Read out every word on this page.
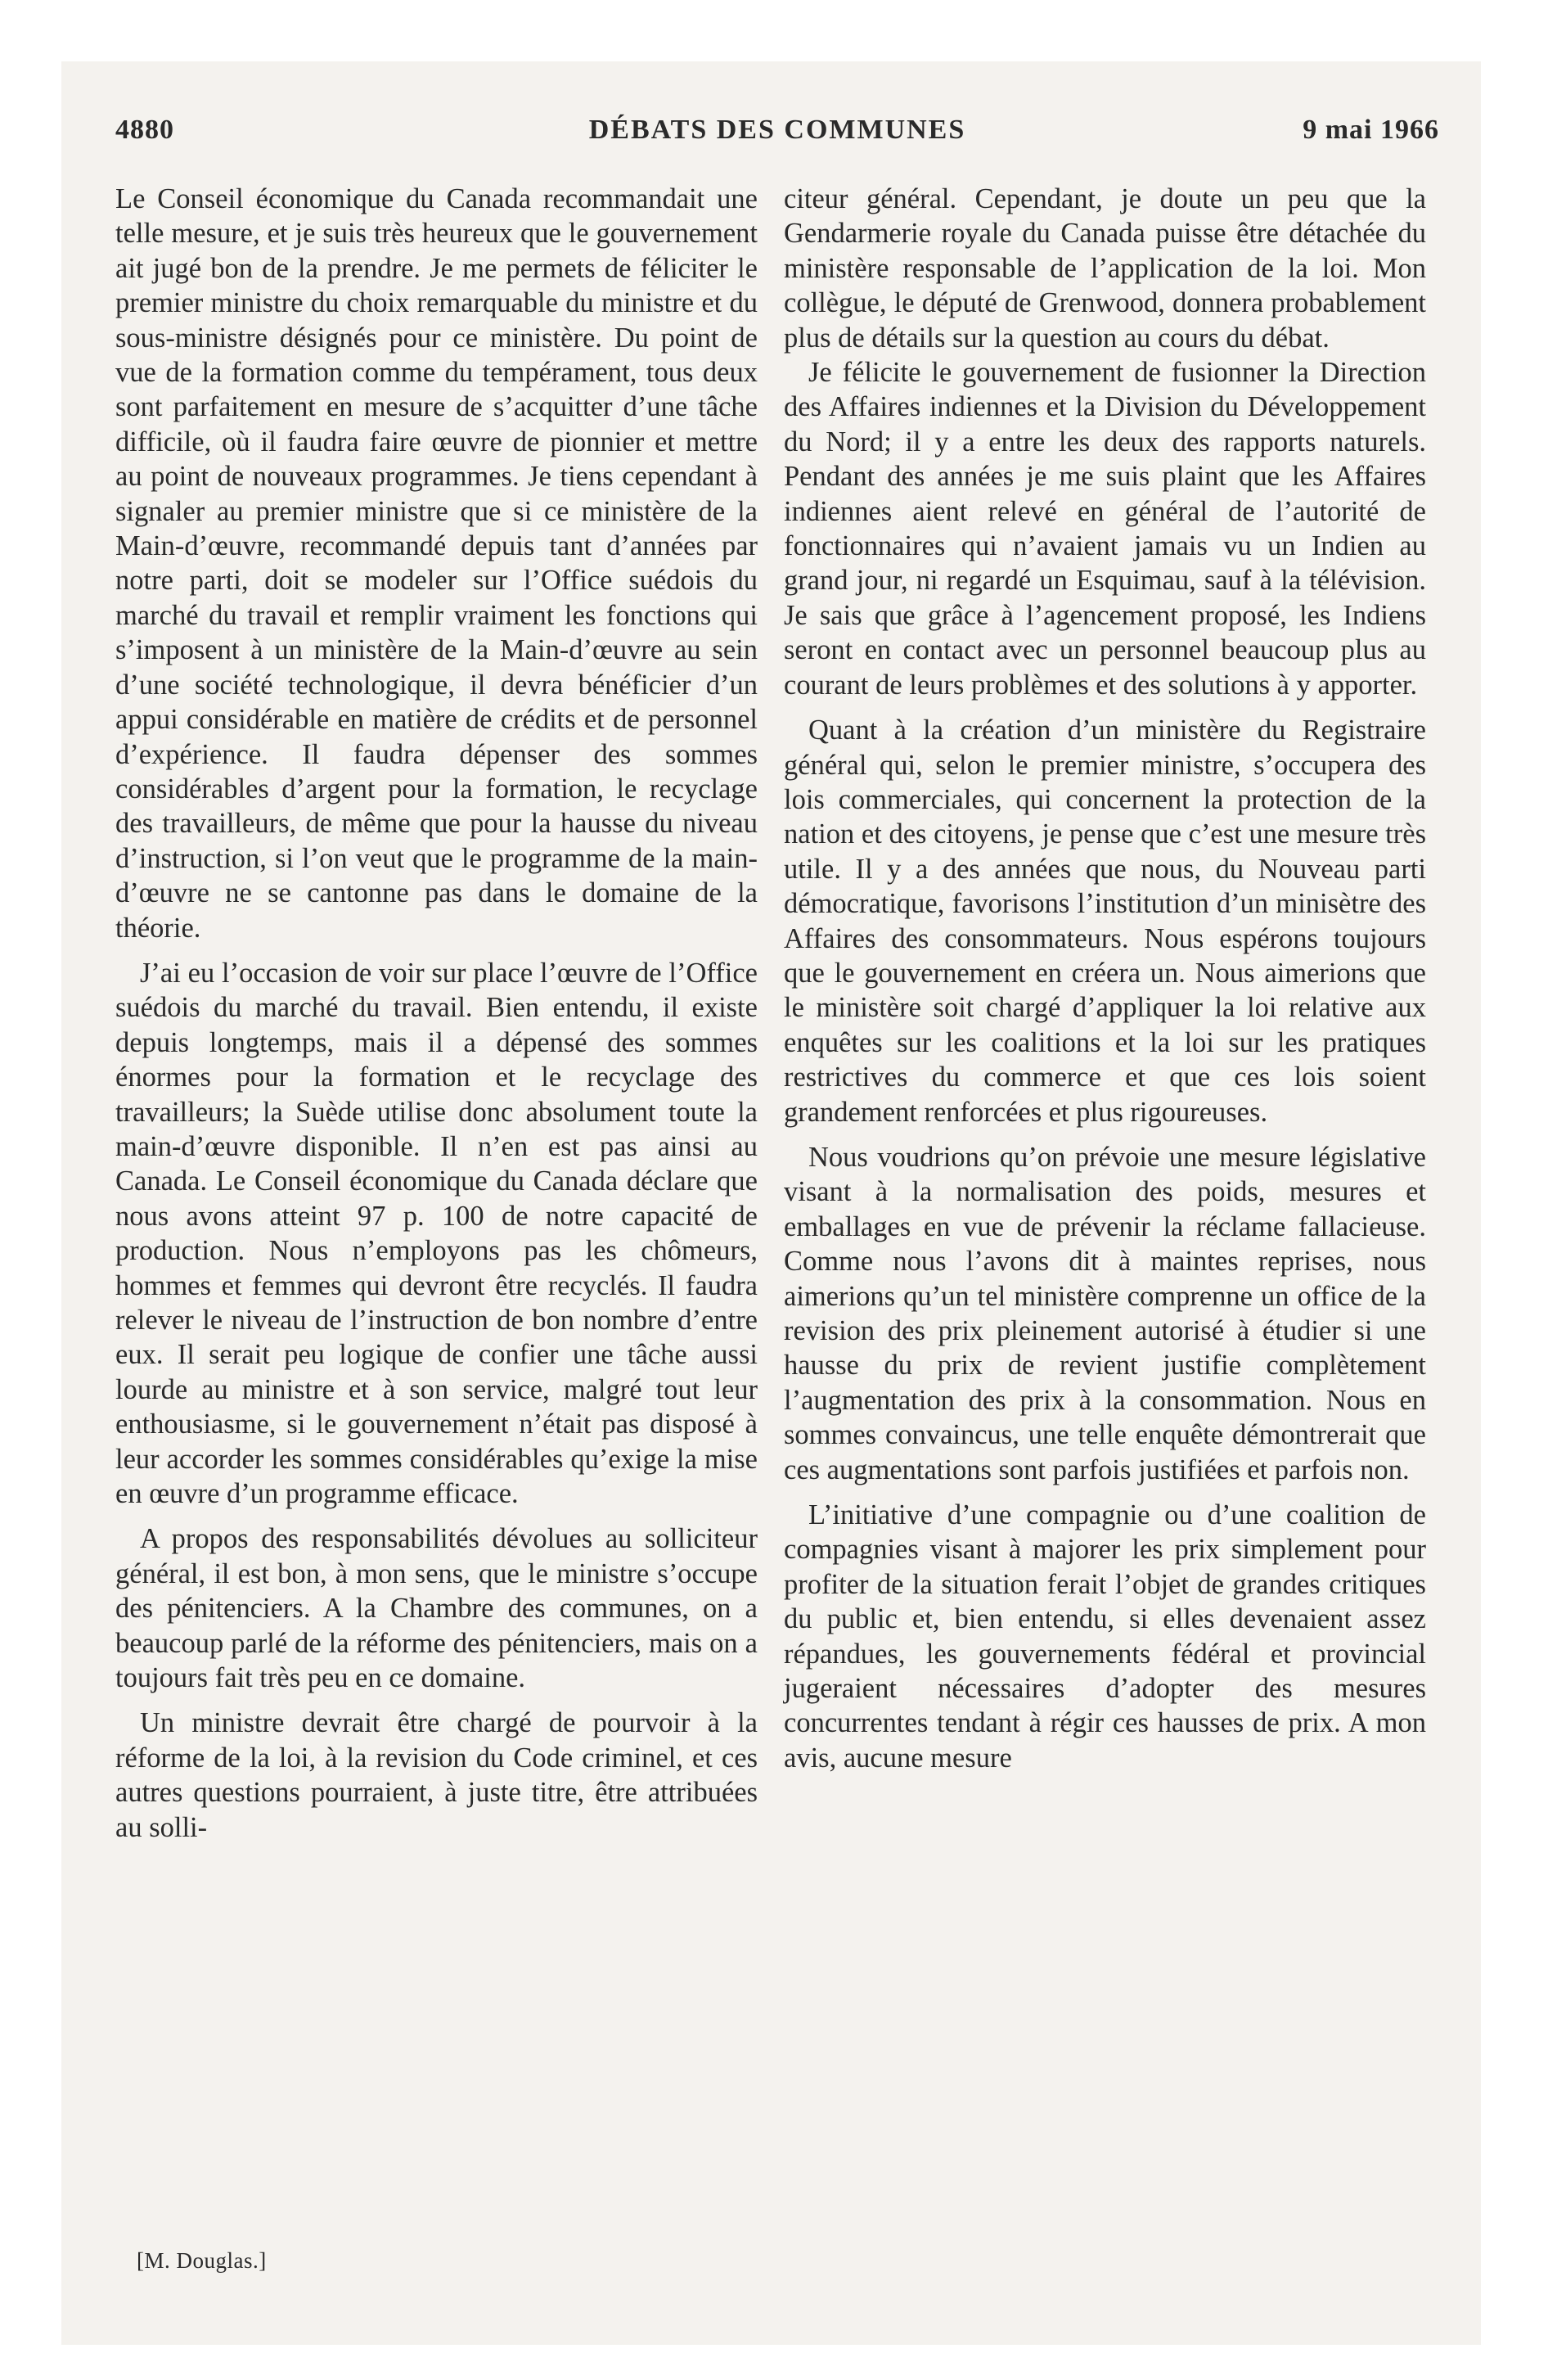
4880	DÉBATS DES COMMUNES	9 mai 1966

Le Conseil économique du Canada recommandait une telle mesure, et je suis très heureux que le gouvernement ait jugé bon de la prendre. Je me permets de féliciter le premier ministre du choix remarquable du ministre et du sous-ministre désignés pour ce ministère. Du point de vue de la formation comme du tempérament, tous deux sont parfaitement en mesure de s’acquitter d’une tâche difficile, où il faudra faire œuvre de pionnier et mettre au point de nouveaux programmes. Je tiens cependant à signaler au premier ministre que si ce ministère de la Main-d’œuvre, recommandé depuis tant d’années par notre parti, doit se modeler sur l’Office suédois du marché du travail et remplir vraiment les fonctions qui s’imposent à un ministère de la Main-d’œuvre au sein d’une société technologique, il devra bénéficier d’un appui considérable en matière de crédits et de personnel d’expérience. Il faudra dépenser des sommes considérables d’argent pour la formation, le recyclage des travailleurs, de même que pour la hausse du niveau d’instruction, si l’on veut que le programme de la main-d’œuvre ne se cantonne pas dans le domaine de la théorie.

J’ai eu l’occasion de voir sur place l’œuvre de l’Office suédois du marché du travail. Bien entendu, il existe depuis longtemps, mais il a dépensé des sommes énormes pour la formation et le recyclage des travailleurs; la Suède utilise donc absolument toute la main-d’œuvre disponible. Il n’en est pas ainsi au Canada. Le Conseil économique du Canada déclare que nous avons atteint 97 p. 100 de notre capacité de production. Nous n’employons pas les chômeurs, hommes et femmes qui devront être recyclés. Il faudra relever le niveau de l’instruction de bon nombre d’entre eux. Il serait peu logique de confier une tâche aussi lourde au ministre et à son service, malgré tout leur enthousiasme, si le gouvernement n’était pas disposé à leur accorder les sommes considérables qu’exige la mise en œuvre d’un programme efficace.

A propos des responsabilités dévolues au solliciteur général, il est bon, à mon sens, que le ministre s’occupe des pénitenciers. A la Chambre des communes, on a beaucoup parlé de la réforme des pénitenciers, mais on a toujours fait très peu en ce domaine.

Un ministre devrait être chargé de pourvoir à la réforme de la loi, à la revision du Code criminel, et ces autres questions pourraient, à juste titre, être attribuées au solli-

citeur général. Cependant, je doute un peu que la Gendarmerie royale du Canada puisse être détachée du ministère responsable de l’application de la loi. Mon collègue, le député de Grenwood, donnera probablement plus de détails sur la question au cours du débat.

Je félicite le gouvernement de fusionner la Direction des Affaires indiennes et la Division du Développement du Nord; il y a entre les deux des rapports naturels. Pendant des années je me suis plaint que les Affaires indiennes aient relevé en général de l’autorité de fonctionnaires qui n’avaient jamais vu un Indien au grand jour, ni regardé un Esquimau, sauf à la télévision. Je sais que grâce à l’agencement proposé, les Indiens seront en contact avec un personnel beaucoup plus au courant de leurs problèmes et des solutions à y apporter.

Quant à la création d’un ministère du Registraire général qui, selon le premier ministre, s’occupera des lois commerciales, qui concernent la protection de la nation et des citoyens, je pense que c’est une mesure très utile. Il y a des années que nous, du Nouveau parti démocratique, favorisons l’institution d’un minisètre des Affaires des consommateurs. Nous espérons toujours que le gouvernement en créera un. Nous aimerions que le ministère soit chargé d’appliquer la loi relative aux enquêtes sur les coalitions et la loi sur les pratiques restrictives du commerce et que ces lois soient grandement renforcées et plus rigoureuses.

Nous voudrions qu’on prévoie une mesure législative visant à la normalisation des poids, mesures et emballages en vue de prévenir la réclame fallacieuse. Comme nous l’avons dit à maintes reprises, nous aimerions qu’un tel ministère comprenne un office de la revision des prix pleinement autorisé à étudier si une hausse du prix de revient justifie complètement l’augmentation des prix à la consommation. Nous en sommes convaincus, une telle enquête démontrerait que ces augmentations sont parfois justifiées et parfois non.

L’initiative d’une compagnie ou d’une coalition de compagnies visant à majorer les prix simplement pour profiter de la situation ferait l’objet de grandes critiques du public et, bien entendu, si elles devenaient assez répandues, les gouvernements fédéral et provincial jugeraient nécessaires d’adopter des mesures concurrentes tendant à régir ces hausses de prix. A mon avis, aucune mesure

[M. Douglas.]
